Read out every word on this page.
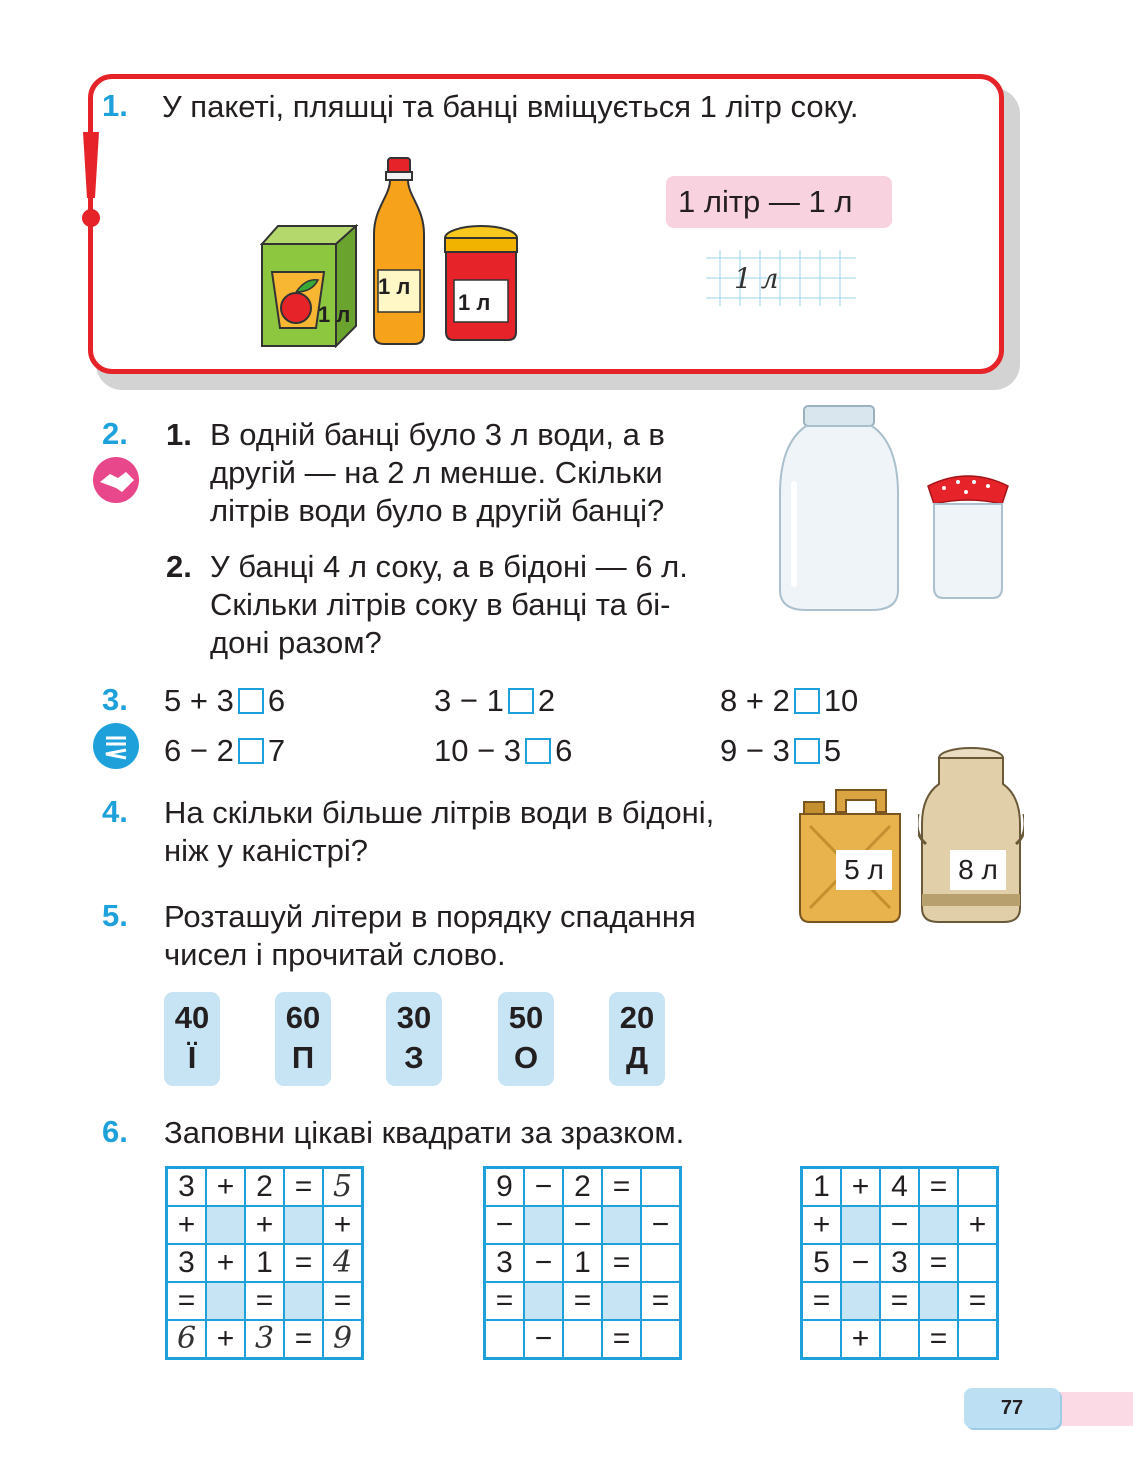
1. У пакеті, пляшці та банці вміщується 1 літр соку.
1 л
1 л
1 л
1 літр — 1 л
1 л
2. 1. В одній банці було 3 л води, а в
другій — на 2 л менше. Скільки
літрів води було в другій банці?
2. У банці 4 л соку, а в бідоні — 6 л.
Скільки літрів соку в банці та бі-
доні разом?
3. 5 + 3 6	3 − 1 2	8 + 2 10
6 − 2 7	10 − 3 6	9 − 3 5
4. На скільки більше літрів води в бідоні,
ніж у каністрі?
5 л	8 л
5. Розташуй літери в порядку спадання
чисел і прочитай слово.
40
Ї
60
П
30
З
50
О
20
Д
6. Заповни цікаві квадрати за зразком.
3	+	2	=	5
+		+		+
3	+	1	=	4
=		=		=
6	+	3	=	9
9	−	2	=	
−		−		−
3	−	1	=	
=		=		=
	−		=	
1	+	4	=	
+		−		+
5	−	3	=	
=		=		=
	+		=	
77
